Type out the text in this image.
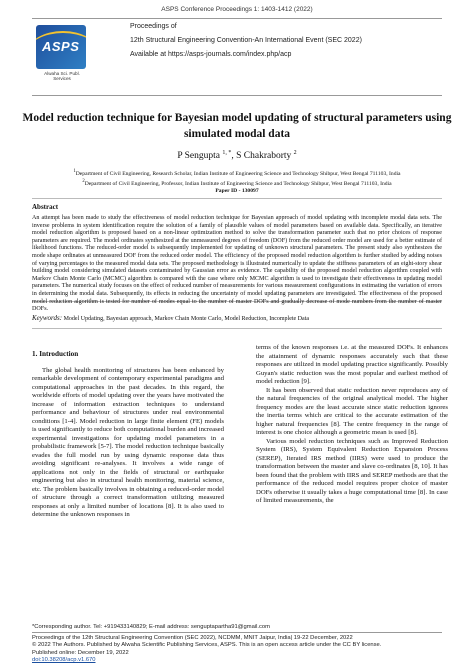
ASPS Conference Proceedings 1: 1403-1412 (2022)
ASPS
Alwaha Sci. Publ. Services
Proceedings of
12th Structural Engineering Convention-An International Event (SEC 2022)
Available at https://asps-journals.com/index.php/acp
Model reduction technique for Bayesian model updating of structural parameters using simulated modal data
P Sengupta $^{1, *}$, S Chakraborty $^2$
$^1$Department of Civil Engineering, Research Scholar, Indian Institute of Engineering Science and Technology Shibpur, West Bengal 711103, India
$^2$Department of Civil Engineering, Professor, Indian Institute of Engineering Science and Technology Shibpur, West Bengal 711103, India
Paper ID - 130097
Abstract
An attempt has been made to study the effectiveness of model reduction technique for Bayesian approach of model updating with incomplete modal data sets. The inverse problems in system identification require the solution of a family of plausible values of model parameters based on available data. Specifically, an iterative model reduction algorithm is proposed based on a non-linear optimization method to solve the transformation parameter such that no prior choices of response parameters are required. The model ordinates synthesized at the unmeasured degrees of freedom (DOF) from the reduced order model are used for a better estimate of likelihood functions. The reduced-order model is subsequently implemented for updating of unknown structural parameters. The present study also synthesizes the mode shape ordinates at unmeasured DOF from the reduced order model. The efficiency of the proposed model reduction algorithm is further studied by adding noises of varying percentages to the measured modal data sets. The proposed methodology is illustrated numerically to update the stiffness parameters of an eight-story shear building model considering simulated datasets contaminated by Gaussian error as evidence. The capability of the proposed model reduction algorithm coupled with Markov Chain Monte Carlo (MCMC) algorithm is compared with the case where only MCMC algorithm is used to investigate their effectiveness in updating model parameters. The numerical study focuses on the effect of reduced number of measurements for various measurement configurations in estimating the variation of errors in determining the modal data. Subsequently, its effects in reducing the uncertainty of model updating parameters are investigated. The effectiveness of the proposed model reduction algorithm is tested for number of modes equal to the number of master DOFs and gradually decrease of mode numbers from the number of master DOFs.
Keywords: Model Updating, Bayesian approach, Markov Chain Monte Carlo, Model Reduction, Incomplete Data
1. Introduction

The global health monitoring of structures has been enhanced by remarkable development of contemporary experimental paradigms and computational approaches in the past decades. In this regard, the worldwide efforts of model updating over the years have motivated the increase of information extraction techniques to understand performance and behaviour of structures under real environmental conditions [1-4]. Model reduction in large finite element (FE) models is used significantly to reduce both computational burden and increased experimental investigations for updating model parameters in a probabilistic framework [5-7]. The model reduction technique basically evades the full model run by using dynamic response data thus avoiding significant re-analyses. It involves a wide range of applications not only in the fields of structural or earthquake engineering but also in structural health monitoring, material science, etc. The problem basically involves in obtaining a reduced-order model of structure through a correct transformation utilizing measured responses at only a limited number of locations [8]. It is also used to determine the unknown responses in

terms of the known responses i.e. at the measured DOFs. It enhances the attainment of dynamic responses accurately such that these responses are utilized in model updating practice significantly. Possibly Guyan's static reduction was the most popular and earliest method of model reduction [9].

It has been observed that static reduction never reproduces any of the natural frequencies of the original analytical model. The higher frequency modes are the least accurate since static reduction ignores the inertia terms which are critical to the accurate estimation of the higher natural frequencies [8]. The centre frequency in the range of interest is one choice although a geometric mean is used [8].

Various model reduction techniques such as Improved Reduction System (IRS), System Equivalent Reduction Expansion Process (SEREP), Iterated IRS method (IIRS) were used to produce the transformation between the master and slave co-ordinates [8, 10]. It has been found that the problem with IIRS and SEREP methods are that the performance of the reduced model requires proper choice of master DOFs otherwise it usually takes a huge computational time [8]. In case of limited measurements, the

*Corresponding author. Tel: +919433140829; E-mail address: senguptapartha91@gmail.com
Proceedings of the 12th Structural Engineering Convention (SEC 2022), NCDMM, MNIT Jaipur, India| 19-22 December, 2022
© 2022 The Authors. Published by Alwaha Scientific Publishing Services, ASPS. This is an open access article under the CC BY license.
Published online: December 19, 2022
doi:10.38208/acp.v1.670
